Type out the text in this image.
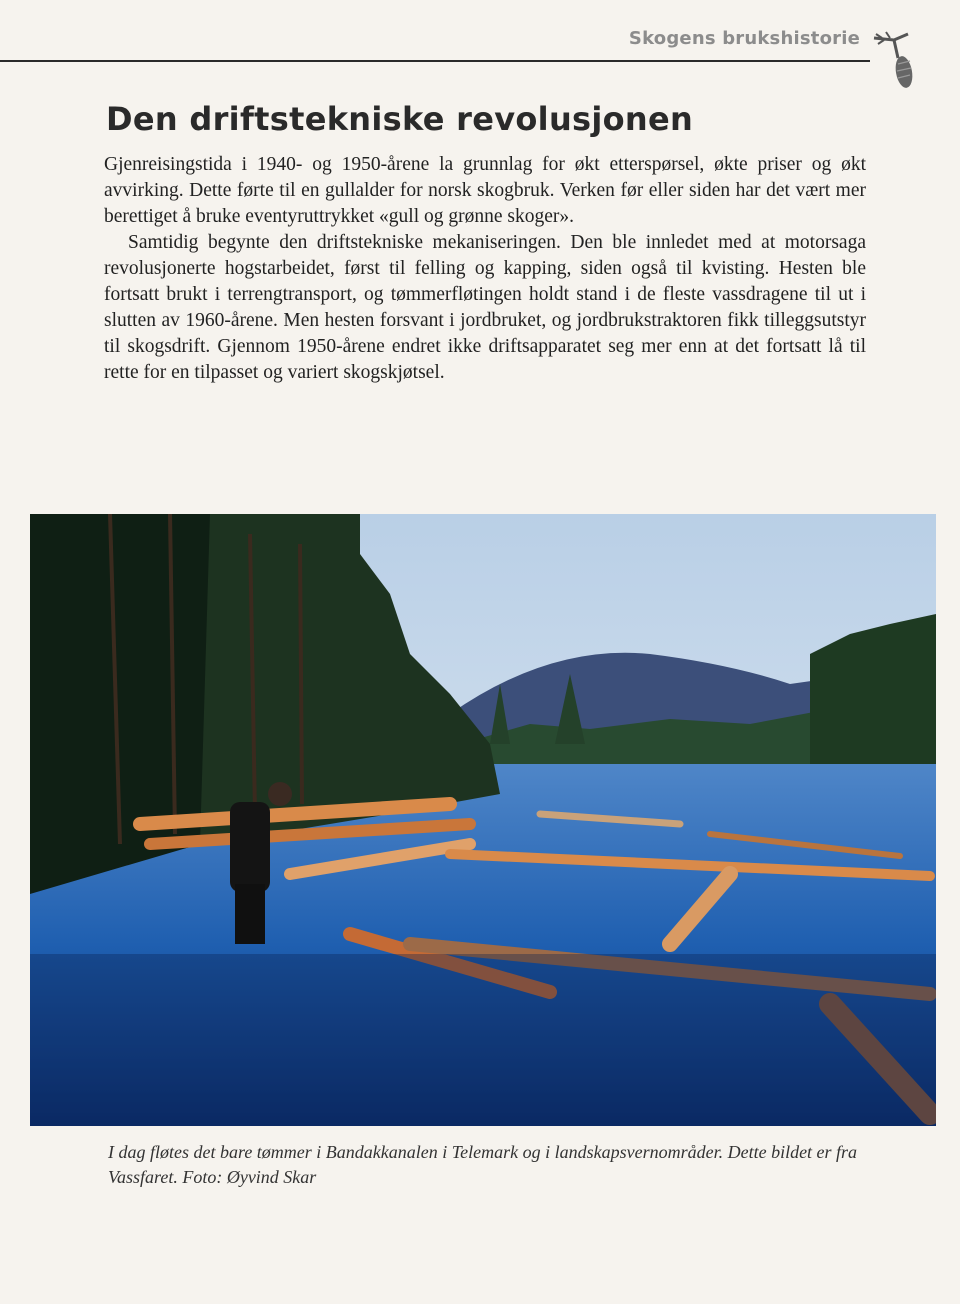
Skogens brukshistorie
Den driftstekniske revolusjonen

Gjenreisingstida i 1940- og 1950-årene la grunnlag for økt etterspørsel, økte priser og økt avvirking. Dette førte til en gullalder for norsk skogbruk. Verken før eller siden har det vært mer berettiget å bruke eventyruttrykket «gull og grønne skoger».

Samtidig begynte den driftstekniske mekaniseringen. Den ble innledet med at motorsaga revolusjonerte hogstarbeidet, først til felling og kapping, siden også til kvisting. Hesten ble fortsatt brukt i terrengtransport, og tømmerfløtingen holdt stand i de fleste vassdragene til ut i slutten av 1960-årene. Men hesten forsvant i jordbruket, og jordbrukstraktoren fikk tilleggsutstyr til skogsdrift. Gjennom 1950-årene endret ikke driftsapparatet seg mer enn at det fortsatt lå til rette for en tilpasset og variert skogskjøtsel.

I dag fløtes det bare tømmer i Bandakkanalen i Telemark og i landskapsvernområder. Dette bildet er fra Vassfaret. Foto: Øyvind Skar
